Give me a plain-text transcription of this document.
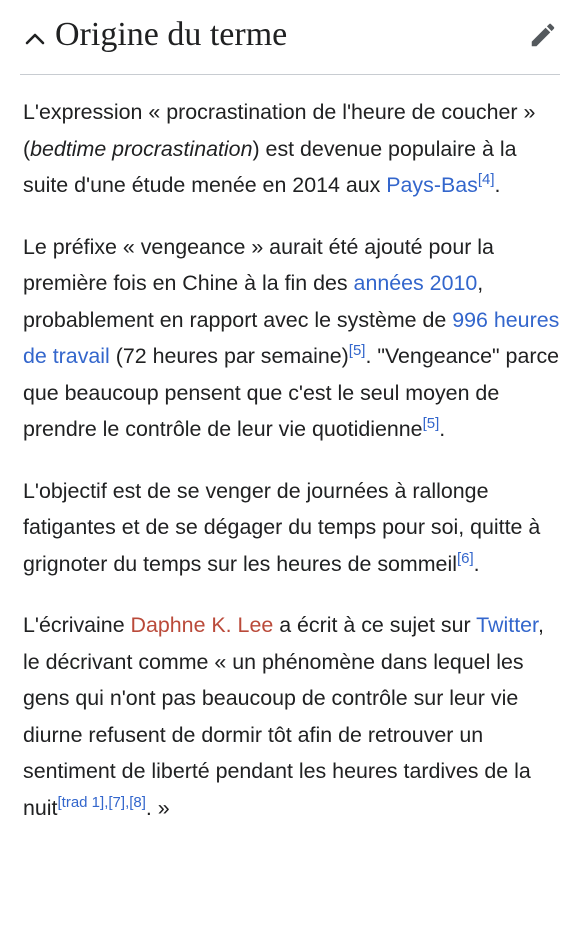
Origine du terme

L'expression « procrastination de l'heure de coucher » (bedtime procrastination) est devenue populaire à la suite d'une étude menée en 2014 aux Pays-Bas[4].

Le préfixe « vengeance » aurait été ajouté pour la première fois en Chine à la fin des années 2010, probablement en rapport avec le système de 996 heures de travail (72 heures par semaine)[5]. "Vengeance" parce que beaucoup pensent que c'est le seul moyen de prendre le contrôle de leur vie quotidienne[5].

L'objectif est de se venger de journées à rallonge fatigantes et de se dégager du temps pour soi, quitte à grignoter du temps sur les heures de sommeil[6].

L'écrivaine Daphne K. Lee a écrit à ce sujet sur Twitter, le décrivant comme « un phénomène dans lequel les gens qui n'ont pas beaucoup de contrôle sur leur vie diurne refusent de dormir tôt afin de retrouver un sentiment de liberté pendant les heures tardives de la nuit[trad 1],[7],[8]. »
